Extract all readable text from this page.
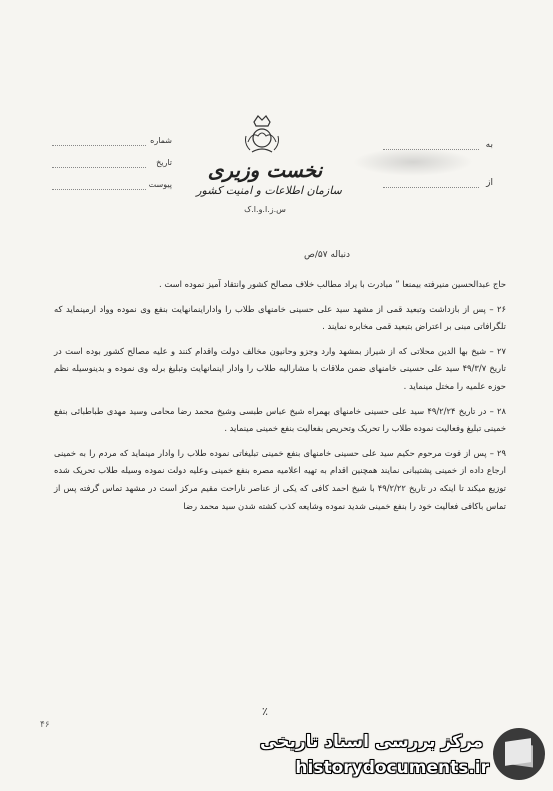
شماره
تاریخ
پیوست
به
از
نخست وزیری
سازمان اطلاعات و امنیت کشور
س.ز.ا.و.ا.ک
دنباله ۵۷/ص

حاج عبدالحسین منیرفته بیمنعا ” مبادرت با یراد مطالب خلاف مصالح کشور وانتقاد آمیز نموده است .

۲۶ – پس از بازداشت وتبعید قمی از مشهد سید علی حسینی خامنهای طلاب را واداراینمانهایت بنفع وی نموده وواد ارمینماید که تلگرافاتی مبنی بر اعتراض بتبعید قمی مخابره نمایند .

۲۷ – شیخ بها الدین محلاتی که از شیراز بمشهد وارد وجزو وحانیون مخالف دولت واقدام کنند و علیه مصالح کشور بوده است در تاریخ ۴۹/۳/۷ سید علی حسینی خامنهای ضمن ملاقات با مشارالیه طلاب را وادار اینمانهایت وتبلیغ برله وی نموده و بدینوسیله نظم حوزه علمیه را مختل مینماید .

۲۸ – در تاریخ ۴۹/۲/۲۴ سید علی حسینی خامنهای بهمراه شیخ عباس طبسی وشیخ محمد رضا محامی وسید مهدی طباطبائی بنفع خمینی تبلیغ وفعالیت نموده طلاب را تحریک وتحریص بفعالیت بنفع خمینی مینماید .

۲۹ – پس از فوت مرحوم حکیم سید علی حسینی خامنهای بنفع خمینی تبلیغاتی نموده طلاب را وادار مینماید که مردم را به خمینی ارجاع داده از خمینی پشتیبانی نمایند همچنین اقدام به تهیه اعلامیه مصره بنفع خمینی وعلیه دولت نموده وسیله طلاب تحریک شده توزیع میکند تا اینکه در تاریخ ۴۹/۲/۲۲ با شیخ احمد کافی که یکی از عناصر ناراحت مقیم مرکز است در مشهد تماس گرفته پس از تماس باکافی فعالیت خود را بنفع خمینی شدید نموده وشایعه کذب کشته شدن سید محمد رضا

٪
۴۶
مرکز بررسی اسناد تاریخی
historydocuments.ir
